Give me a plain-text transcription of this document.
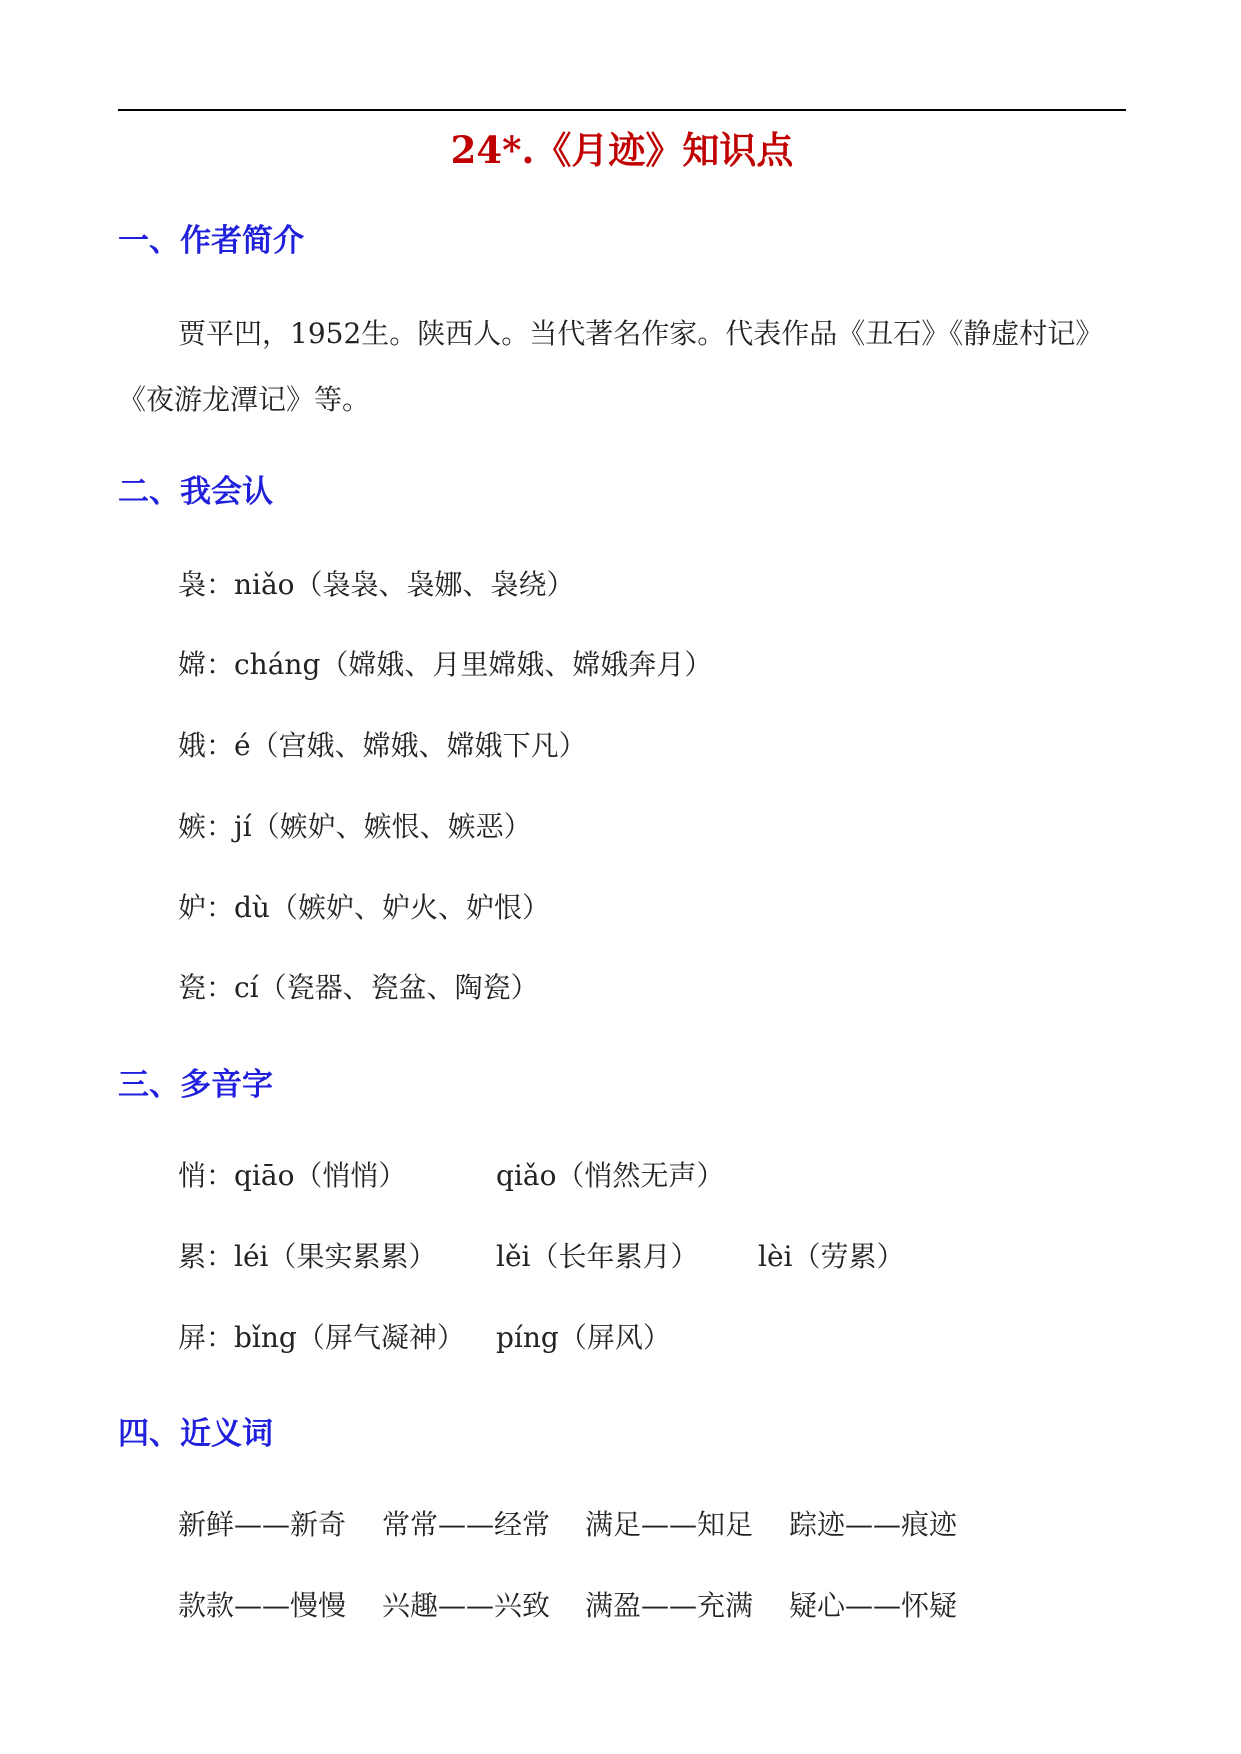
24*.《月迹》知识点
一、作者简介
贾平凹，1952生。陕西人。当代著名作家。代表作品《丑石》《静虚村记》《夜游龙潭记》等。
二、我会认
袅：niǎo（袅袅、袅娜、袅绕）
嫦：cháng（嫦娥、月里嫦娥、嫦娥奔月）
娥：é（宫娥、嫦娥、嫦娥下凡）
嫉：jí（嫉妒、嫉恨、嫉恶）
妒：dù（嫉妒、妒火、妒恨）
瓷：cí（瓷器、瓷盆、陶瓷）
三、多音字
悄：qiāo（悄悄）	qiǎo（悄然无声）
累：léi（果实累累） lěi（长年累月） lèi（劳累）
屏：bǐng（屏气凝神） píng（屏风）
四、近义词
新鲜——新奇 常常——经常 满足——知足 踪迹——痕迹
款款——慢慢 兴趣——兴致 满盈——充满 疑心——怀疑
